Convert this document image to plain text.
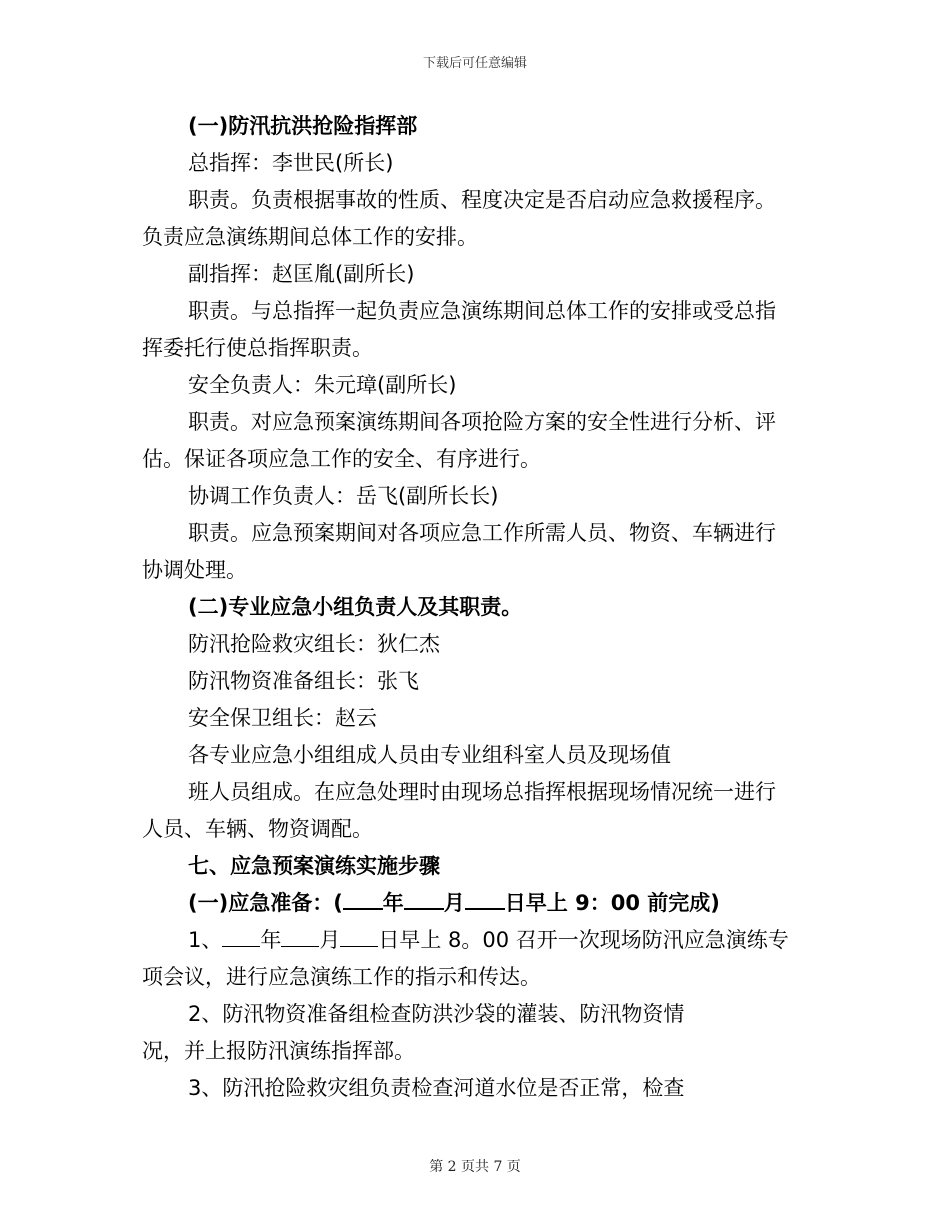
下载后可任意编辑
(一)防汛抗洪抢险指挥部
总指挥：李世民(所长)
职责。负责根据事故的性质、程度决定是否启动应急救援程序。
负责应急演练期间总体工作的安排。
副指挥：赵匡胤(副所长)
职责。与总指挥一起负责应急演练期间总体工作的安排或受总指
挥委托行使总指挥职责。
安全负责人：朱元璋(副所长)
职责。对应急预案演练期间各项抢险方案的安全性进行分析、评
估。保证各项应急工作的安全、有序进行。
协调工作负责人：岳飞(副所长长)
职责。应急预案期间对各项应急工作所需人员、物资、车辆进行
协调处理。
(二)专业应急小组负责人及其职责。
防汛抢险救灾组长：狄仁杰
防汛物资准备组长：张飞
安全保卫组长：赵云
各专业应急小组组成人员由专业组科室人员及现场值
班人员组成。在应急处理时由现场总指挥根据现场情况统一进行
人员、车辆、物资调配。
七、应急预案演练实施步骤
(一)应急准备：( 年 月 日早上 9：00 前完成)
1、 年 月 日早上 8。00 召开一次现场防汛应急演练专
项会议，进行应急演练工作的指示和传达。
2、防汛物资准备组检查防洪沙袋的灌装、防汛物资情
况，并上报防汛演练指挥部。
3、防汛抢险救灾组负责检查河道水位是否正常，检查
第 2 页共 7 页
